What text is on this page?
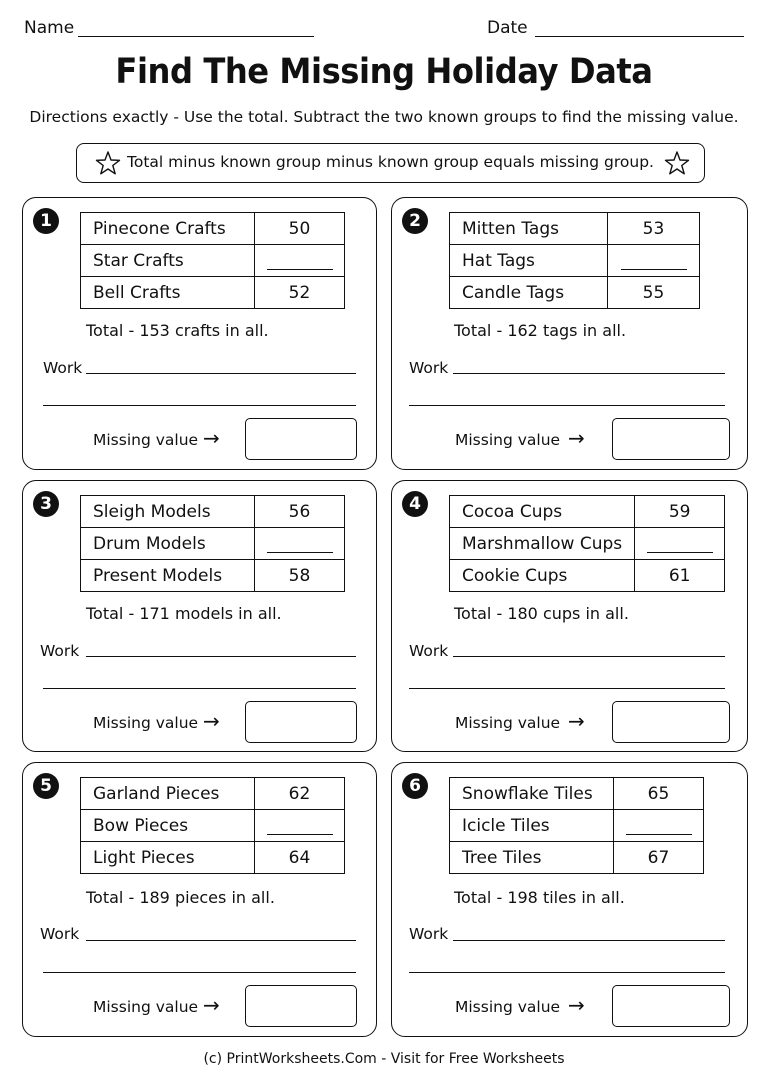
Name	Date
Find The Missing Holiday Data
Directions exactly - Use the total. Subtract the two known groups to find the missing value.
Total minus known group minus known group equals missing group.
1	Pinecone Crafts	50
Star Crafts	
Bell Crafts	52
Total - 153 crafts in all.
Work
Missing value →
2	Mitten Tags	53
Hat Tags	
Candle Tags	55
Total - 162 tags in all.
Work
Missing value →
3	Sleigh Models	56
Drum Models	
Present Models	58
Total - 171 models in all.
Work
Missing value →
4	Cocoa Cups	59
Marshmallow Cups	
Cookie Cups	61
Total - 180 cups in all.
Work
Missing value →
5	Garland Pieces	62
Bow Pieces	
Light Pieces	64
Total - 189 pieces in all.
Work
Missing value →
6	Snowflake Tiles	65
Icicle Tiles	
Tree Tiles	67
Total - 198 tiles in all.
Work
Missing value →
(c) PrintWorksheets.Com - Visit for Free Worksheets
